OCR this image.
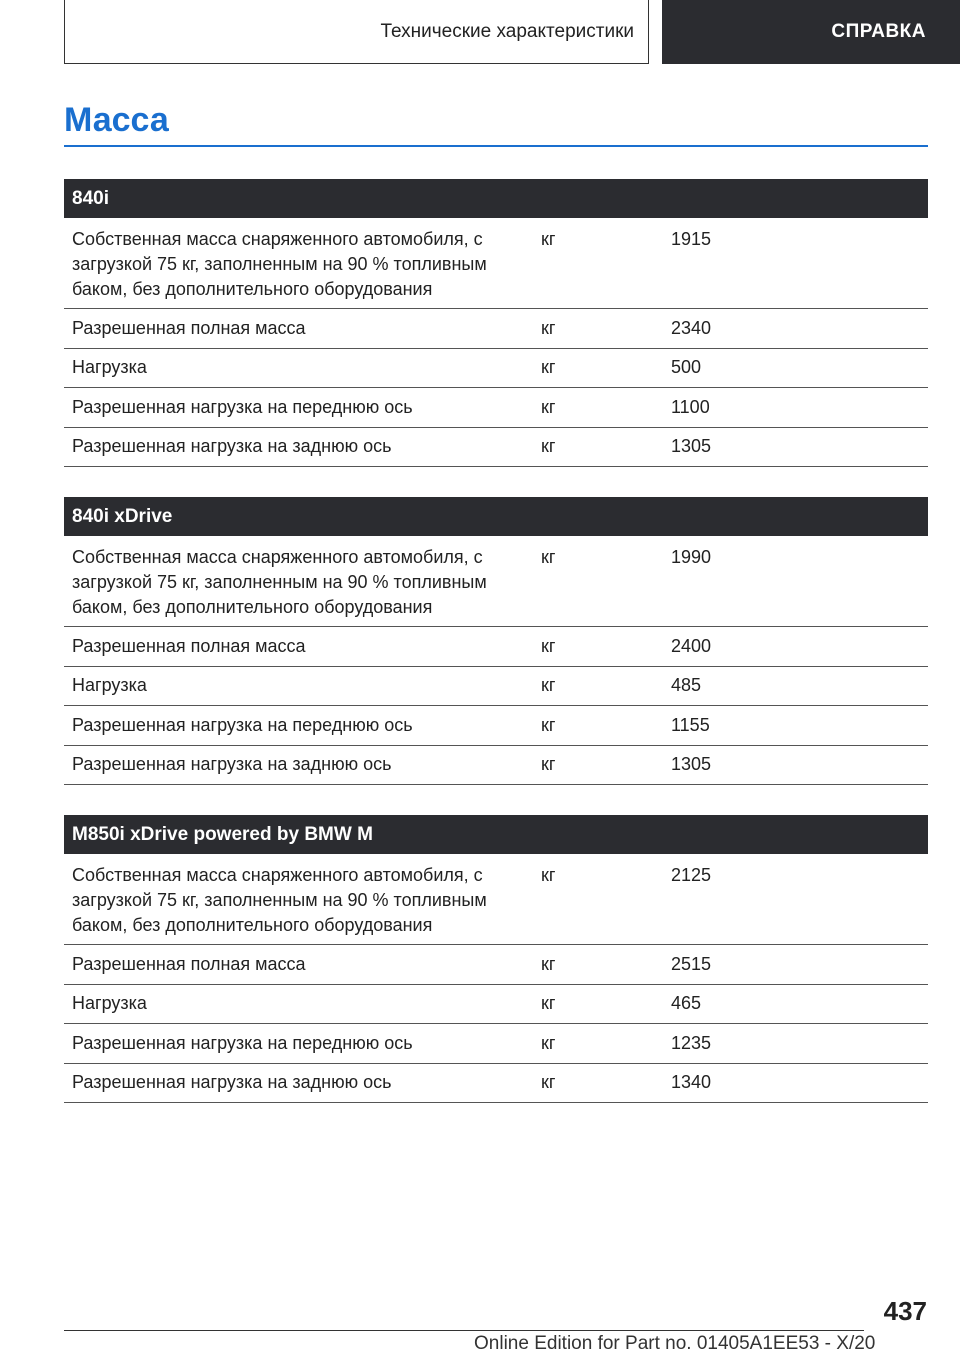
Технические характеристики	СПРАВКА
Масса
840i
Собственная масса снаряженного автомобиля, с загрузкой 75 кг, заполненным на 90 % топливным баком, без дополнительного оборудования
кг	1915
Разрешенная полная масса	кг	2340
Нагрузка	кг	500
Разрешенная нагрузка на переднюю ось	кг	1100
Разрешенная нагрузка на заднюю ось	кг	1305
840i xDrive
Собственная масса снаряженного автомобиля, с загрузкой 75 кг, заполненным на 90 % топливным баком, без дополнительного оборудования
кг	1990
Разрешенная полная масса	кг	2400
Нагрузка	кг	485
Разрешенная нагрузка на переднюю ось	кг	1155
Разрешенная нагрузка на заднюю ось	кг	1305
M850i xDrive powered by BMW M
Собственная масса снаряженного автомобиля, с загрузкой 75 кг, заполненным на 90 % топливным баком, без дополнительного оборудования
кг	2125
Разрешенная полная масса	кг	2515
Нагрузка	кг	465
Разрешенная нагрузка на переднюю ось	кг	1235
Разрешенная нагрузка на заднюю ось	кг	1340
437
Online Edition for Part no. 01405A1EE53 - X/20
